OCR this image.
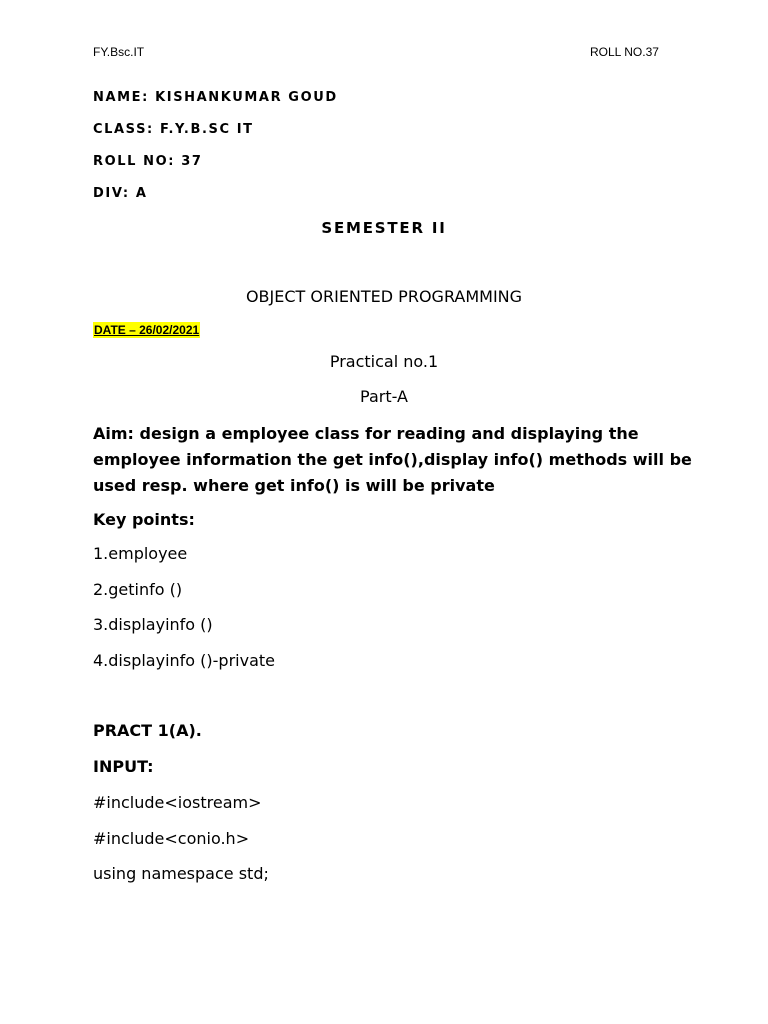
FY.Bsc.IT	ROLL NO.37
NAME: KISHANKUMAR GOUD
CLASS: F.Y.B.SC IT
ROLL NO: 37
DIV: A
SEMESTER II
OBJECT ORIENTED PROGRAMMING
DATE – 26/02/2021
Practical no.1
Part-A
Aim: design a employee class for reading and displaying the employee information the get info(),display info() methods will be used resp. where get info() is will be private
Key points:
1.employee
2.getinfo ()
3.displayinfo ()
4.displayinfo ()-private
PRACT 1(A).
INPUT:
#include<iostream>
#include<conio.h>
using namespace std;
